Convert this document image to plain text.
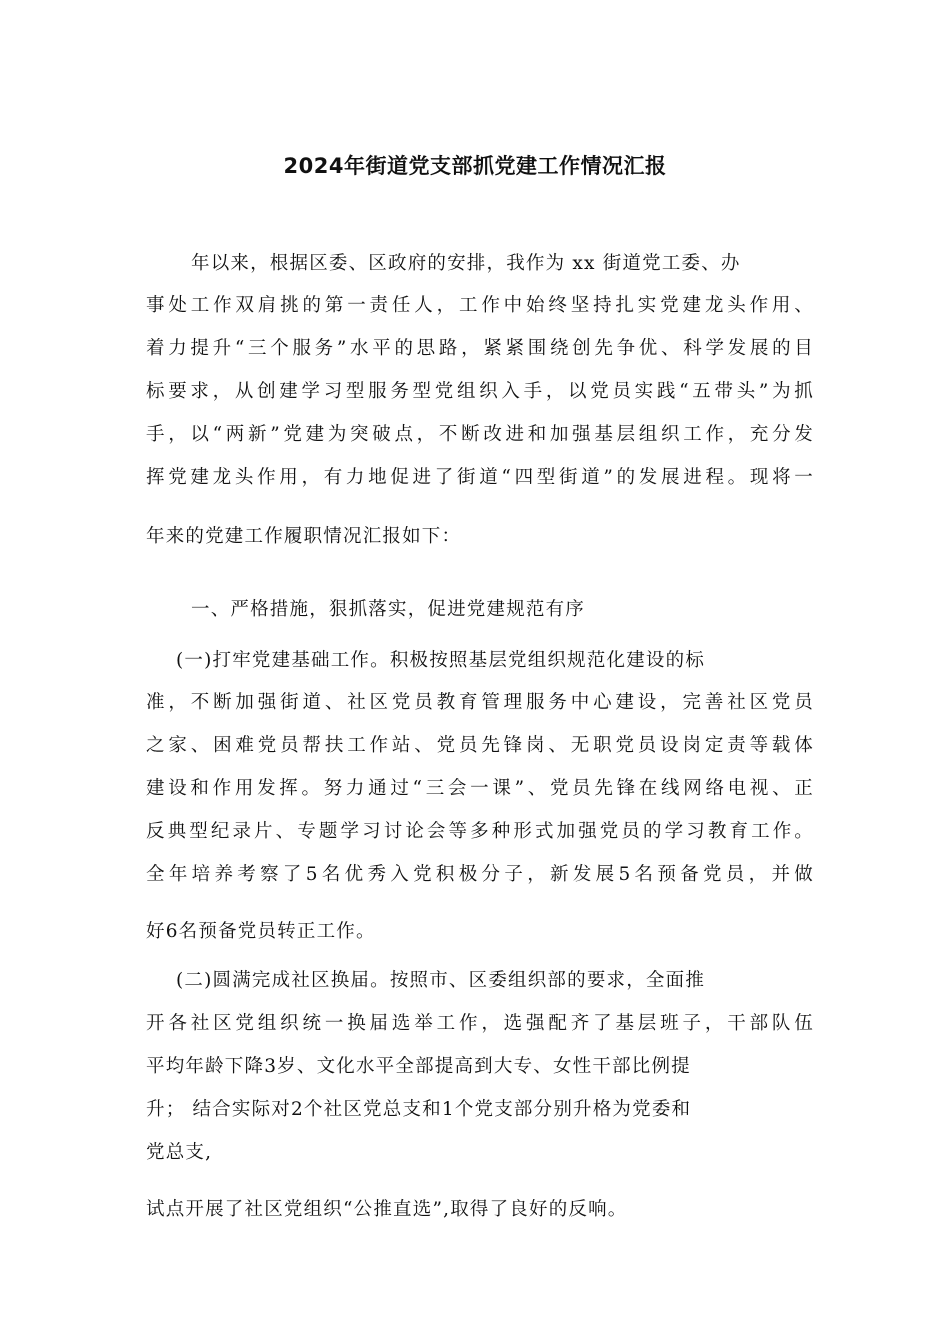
2024年街道党支部抓党建工作情况汇报
年以来，根据区委、区政府的安排，我作为 xx 街道党工委、办
事处工作双肩挑的第一责任人，工作中始终坚持扎实党建龙头作用、
着力提升“三个服务”水平的思路，紧紧围绕创先争优、科学发展的目
标要求，从创建学习型服务型党组织入手，以党员实践“五带头”为抓
手，以“两新”党建为突破点，不断改进和加强基层组织工作，充分发
挥党建龙头作用，有力地促进了街道“四型街道”的发展进程。现将一
年来的党建工作履职情况汇报如下：
一、严格措施，狠抓落实，促进党建规范有序
(一)打牢党建基础工作。积极按照基层党组织规范化建设的标
准，不断加强街道、社区党员教育管理服务中心建设，完善社区党员
之家、困难党员帮扶工作站、党员先锋岗、无职党员设岗定责等载体
建设和作用发挥。努力通过“三会一课”、党员先锋在线网络电视、正
反典型纪录片、专题学习讨论会等多种形式加强党员的学习教育工作。
全年培养考察了5名优秀入党积极分子，新发展5名预备党员，并做
好6名预备党员转正工作。
(二)圆满完成社区换届。按照市、区委组织部的要求，全面推
开各社区党组织统一换届选举工作，选强配齐了基层班子，干部队伍
平均年龄下降3岁、文化水平全部提高到大专、女性干部比例提
升； 结合实际对2个社区党总支和1个党支部分别升格为党委和
党总支,
试点开展了社区党组织“公推直选”,取得了良好的反响。
